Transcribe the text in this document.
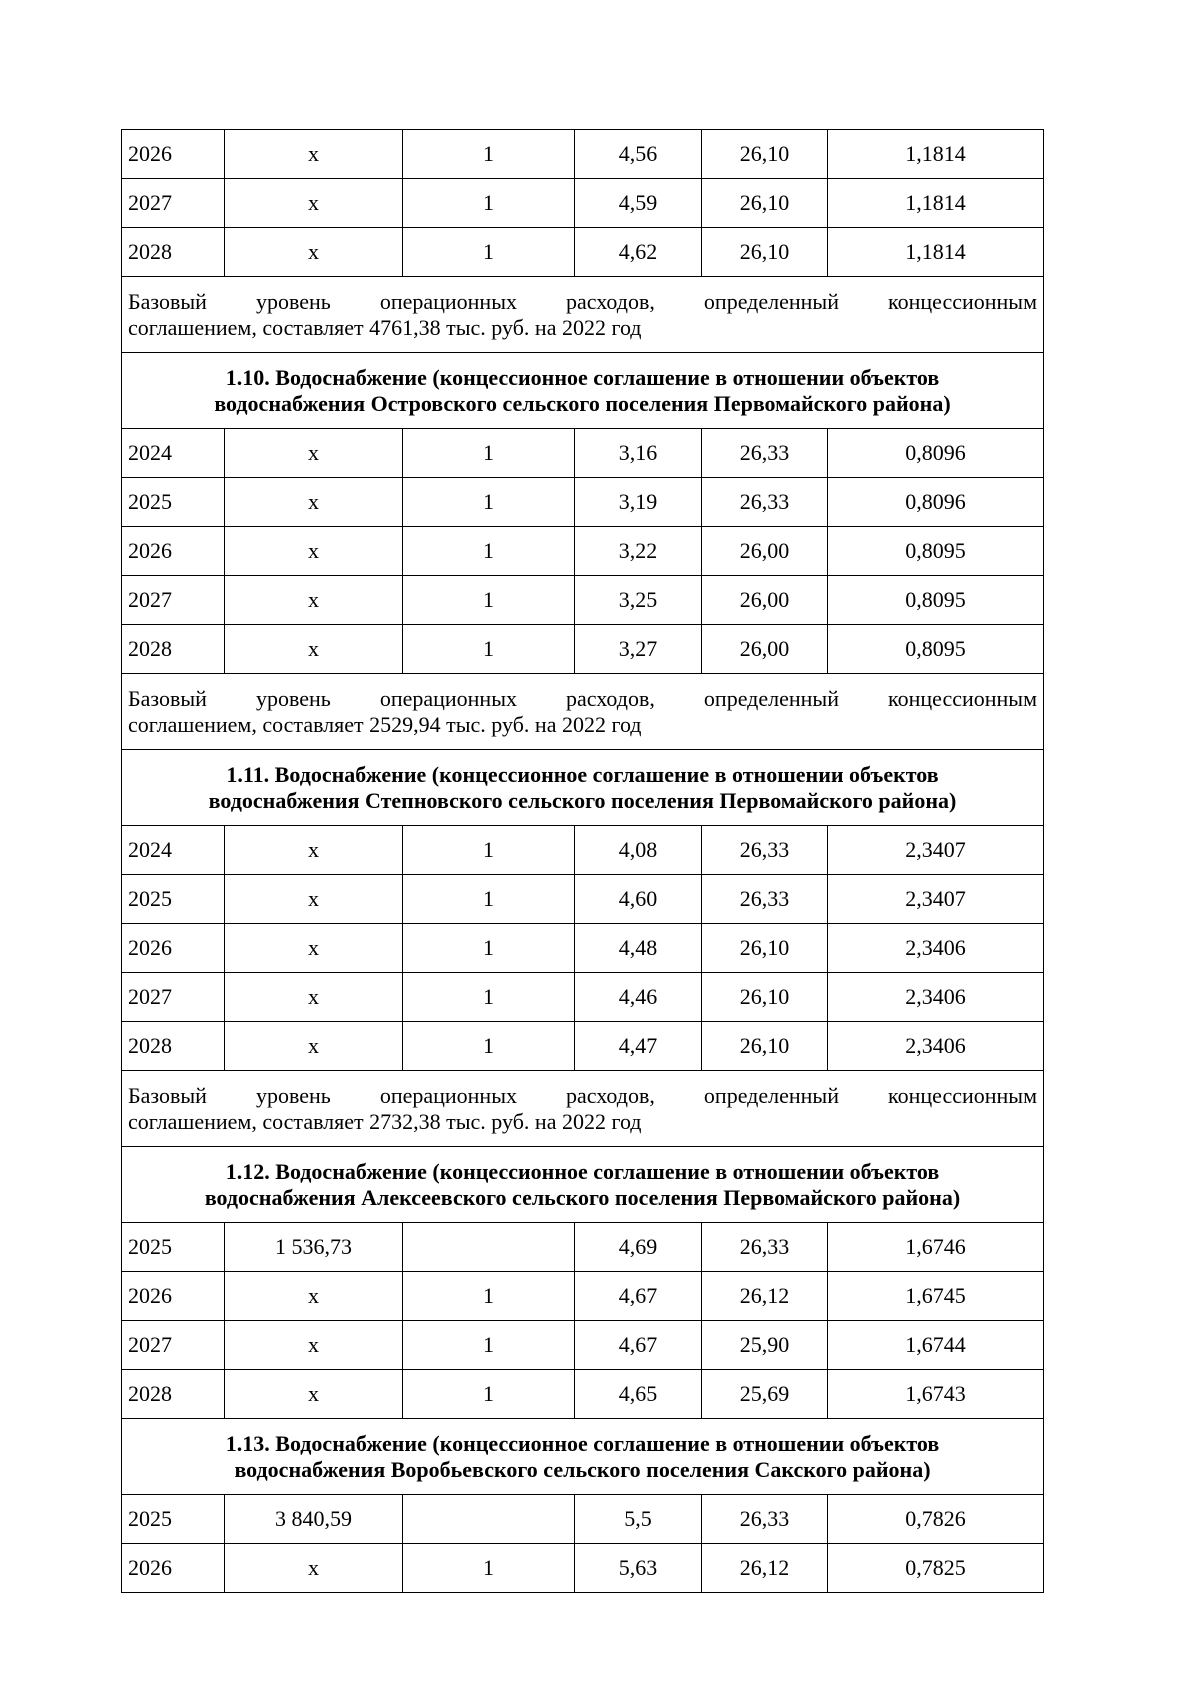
2026	х	1	4,56	26,10	1,1814
2027	х	1	4,59	26,10	1,1814
2028	х	1	4,62	26,10	1,1814

Базовый уровень операционных расходов, определенный концессионным
соглашением, составляет 4761,38 тыс. руб. на 2022 год					

1.10. Водоснабжение (концессионное соглашение в отношении объектов
водоснабжения Островского сельского поселения Первомайского района)					

2024	х	1	3,16	26,33	0,8096
2025	х	1	3,19	26,33	0,8096
2026	х	1	3,22	26,00	0,8095
2027	х	1	3,25	26,00	0,8095
2028	х	1	3,27	26,00	0,8095

Базовый уровень операционных расходов, определенный концессионным
соглашением, составляет 2529,94 тыс. руб. на 2022 год					

1.11. Водоснабжение (концессионное соглашение в отношении объектов
водоснабжения Степновского сельского поселения Первомайского района)					

2024	х	1	4,08	26,33	2,3407
2025	х	1	4,60	26,33	2,3407
2026	х	1	4,48	26,10	2,3406
2027	х	1	4,46	26,10	2,3406
2028	х	1	4,47	26,10	2,3406

Базовый уровень операционных расходов, определенный концессионным
соглашением, составляет 2732,38 тыс. руб. на 2022 год					

1.12. Водоснабжение (концессионное соглашение в отношении объектов
водоснабжения Алексеевского сельского поселения Первомайского района)					

2025	1 536,73		4,69	26,33	1,6746
2026	х	1	4,67	26,12	1,6745
2027	х	1	4,67	25,90	1,6744
2028	х	1	4,65	25,69	1,6743

1.13. Водоснабжение (концессионное соглашение в отношении объектов
водоснабжения Воробьевского сельского поселения Сакского района)					

2025	3 840,59		5,5	26,33	0,7826
2026	х	1	5,63	26,12	0,7825
